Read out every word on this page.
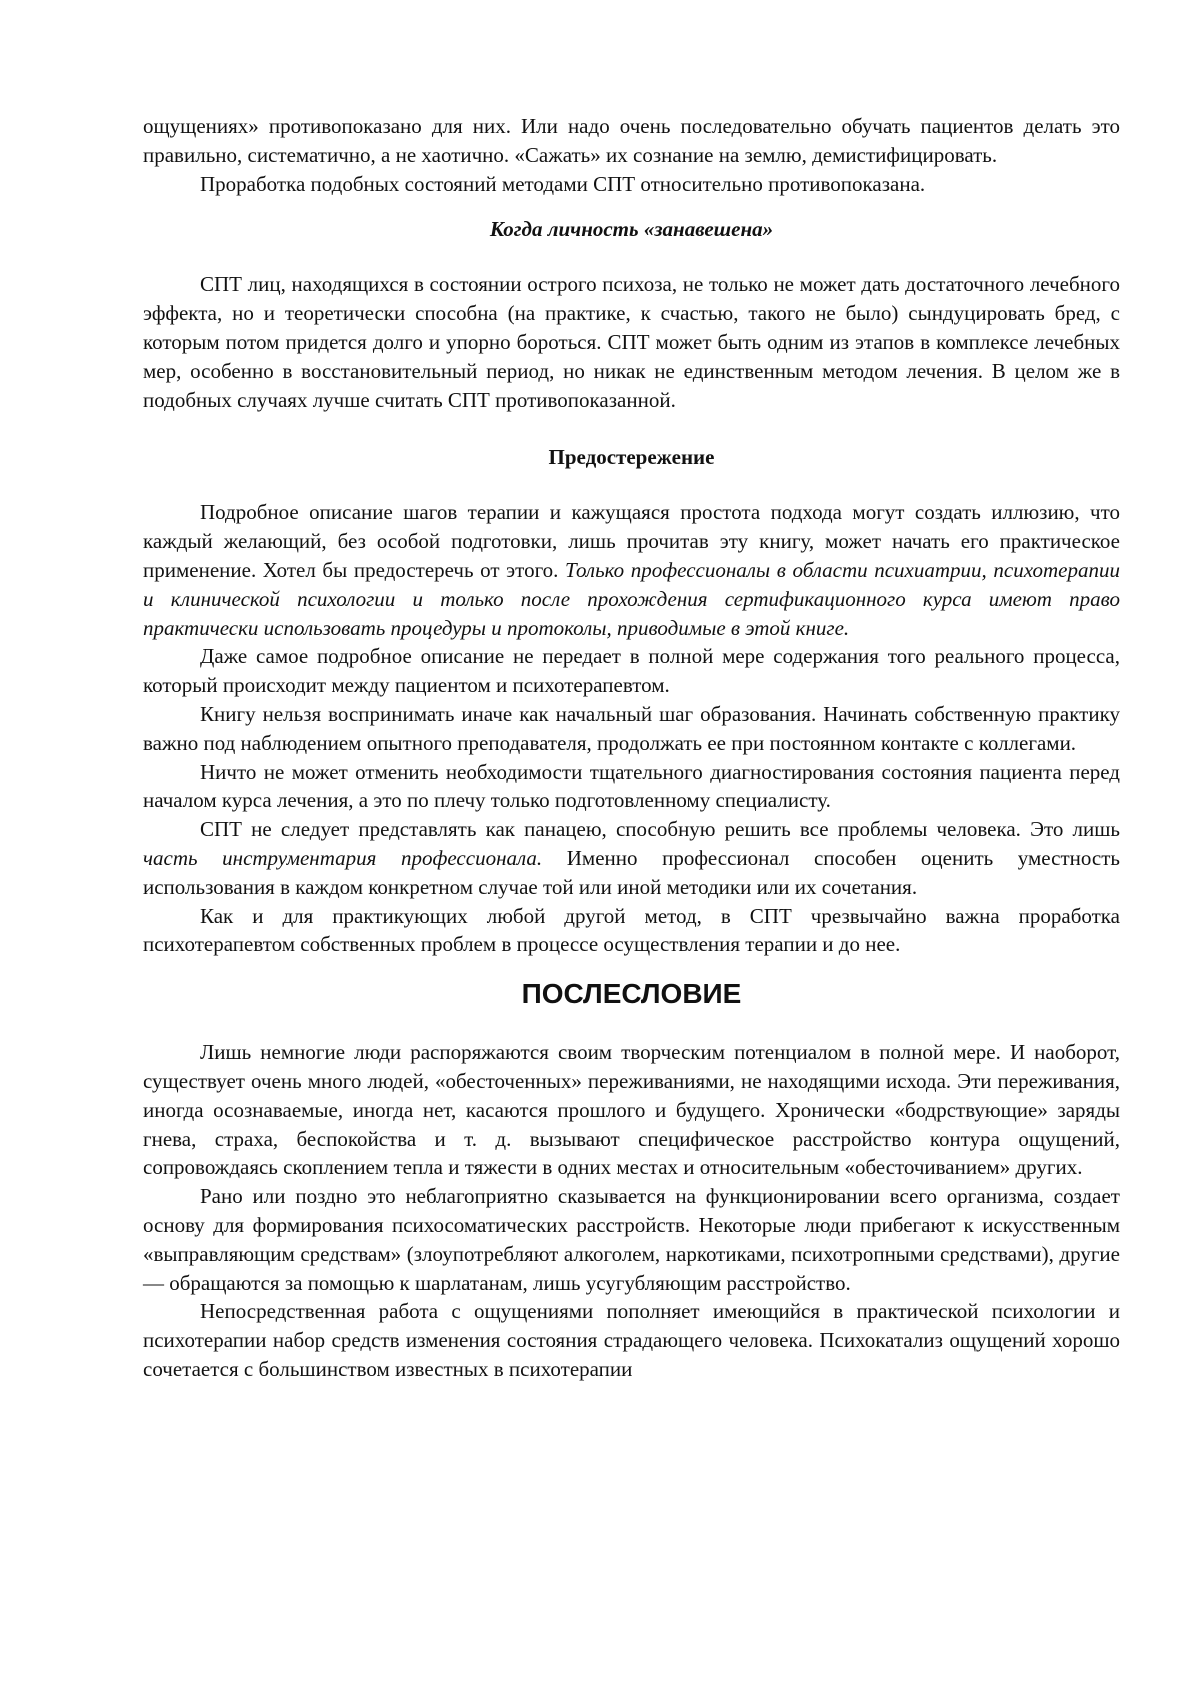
ощущениях» противопоказано для них. Или надо очень последовательно обучать пациентов делать это правильно, систематично, а не хаотично. «Сажать» их сознание на землю, демистифицировать.

Проработка подобных состояний методами СПТ относительно противопоказана.

Когда личность «занавешена»

СПТ лиц, находящихся в состоянии острого психоза, не только не может дать достаточного лечебного эффекта, но и теоретически способна (на практике, к счастью, такого не было) сындуцировать бред, с которым потом придется долго и упорно бороться. СПТ может быть одним из этапов в комплексе лечебных мер, особенно в восстановительный период, но никак не единственным методом лечения. В целом же в подобных случаях лучше считать СПТ противопоказанной.

Предостережение

Подробное описание шагов терапии и кажущаяся простота подхода могут создать иллюзию, что каждый желающий, без особой подготовки, лишь прочитав эту книгу, может начать его практическое применение. Хотел бы предостеречь от этого. Только профессионалы в области психиатрии, психотерапии и клинической психологии и только после прохождения сертификационного курса имеют право практически использовать процедуры и протоколы, приводимые в этой книге.

Даже самое подробное описание не передает в полной мере содержания того реального процесса, который происходит между пациентом и психотерапевтом.

Книгу нельзя воспринимать иначе как начальный шаг образования. Начинать собственную практику важно под наблюдением опытного преподавателя, продолжать ее при постоянном контакте с коллегами.

Ничто не может отменить необходимости тщательного диагностирования состояния пациента перед началом курса лечения, а это по плечу только подготовленному специалисту.

СПТ не следует представлять как панацею, способную решить все проблемы человека. Это лишь часть инструментария профессионала. Именно профессионал способен оценить уместность использования в каждом конкретном случае той или иной методики или их сочетания.

Как и для практикующих любой другой метод, в СПТ чрезвычайно важна проработка психотерапевтом собственных проблем в процессе осуществления терапии и до нее.

ПОСЛЕСЛОВИЕ

Лишь немногие люди распоряжаются своим творческим потенциалом в полной мере. И наоборот, существует очень много людей, «обесточенных» переживаниями, не находящими исхода. Эти переживания, иногда осознаваемые, иногда нет, касаются прошлого и будущего. Хронически «бодрствующие» заряды гнева, страха, беспокойства и т. д. вызывают специфическое расстройство контура ощущений, сопровождаясь скоплением тепла и тяжести в одних местах и относительным «обесточиванием» других.

Рано или поздно это неблагоприятно сказывается на функционировании всего организма, создает основу для формирования психосоматических расстройств. Некоторые люди прибегают к искусственным «выправляющим средствам» (злоупотребляют алкоголем, наркотиками, психотропными средствами), другие — обращаются за помощью к шарлатанам, лишь усугубляющим расстройство.

Непосредственная работа с ощущениями пополняет имеющийся в практической психологии и психотерапии набор средств изменения состояния страдающего человека. Психокатализ ощущений хорошо сочетается с большинством известных в психотерапии
